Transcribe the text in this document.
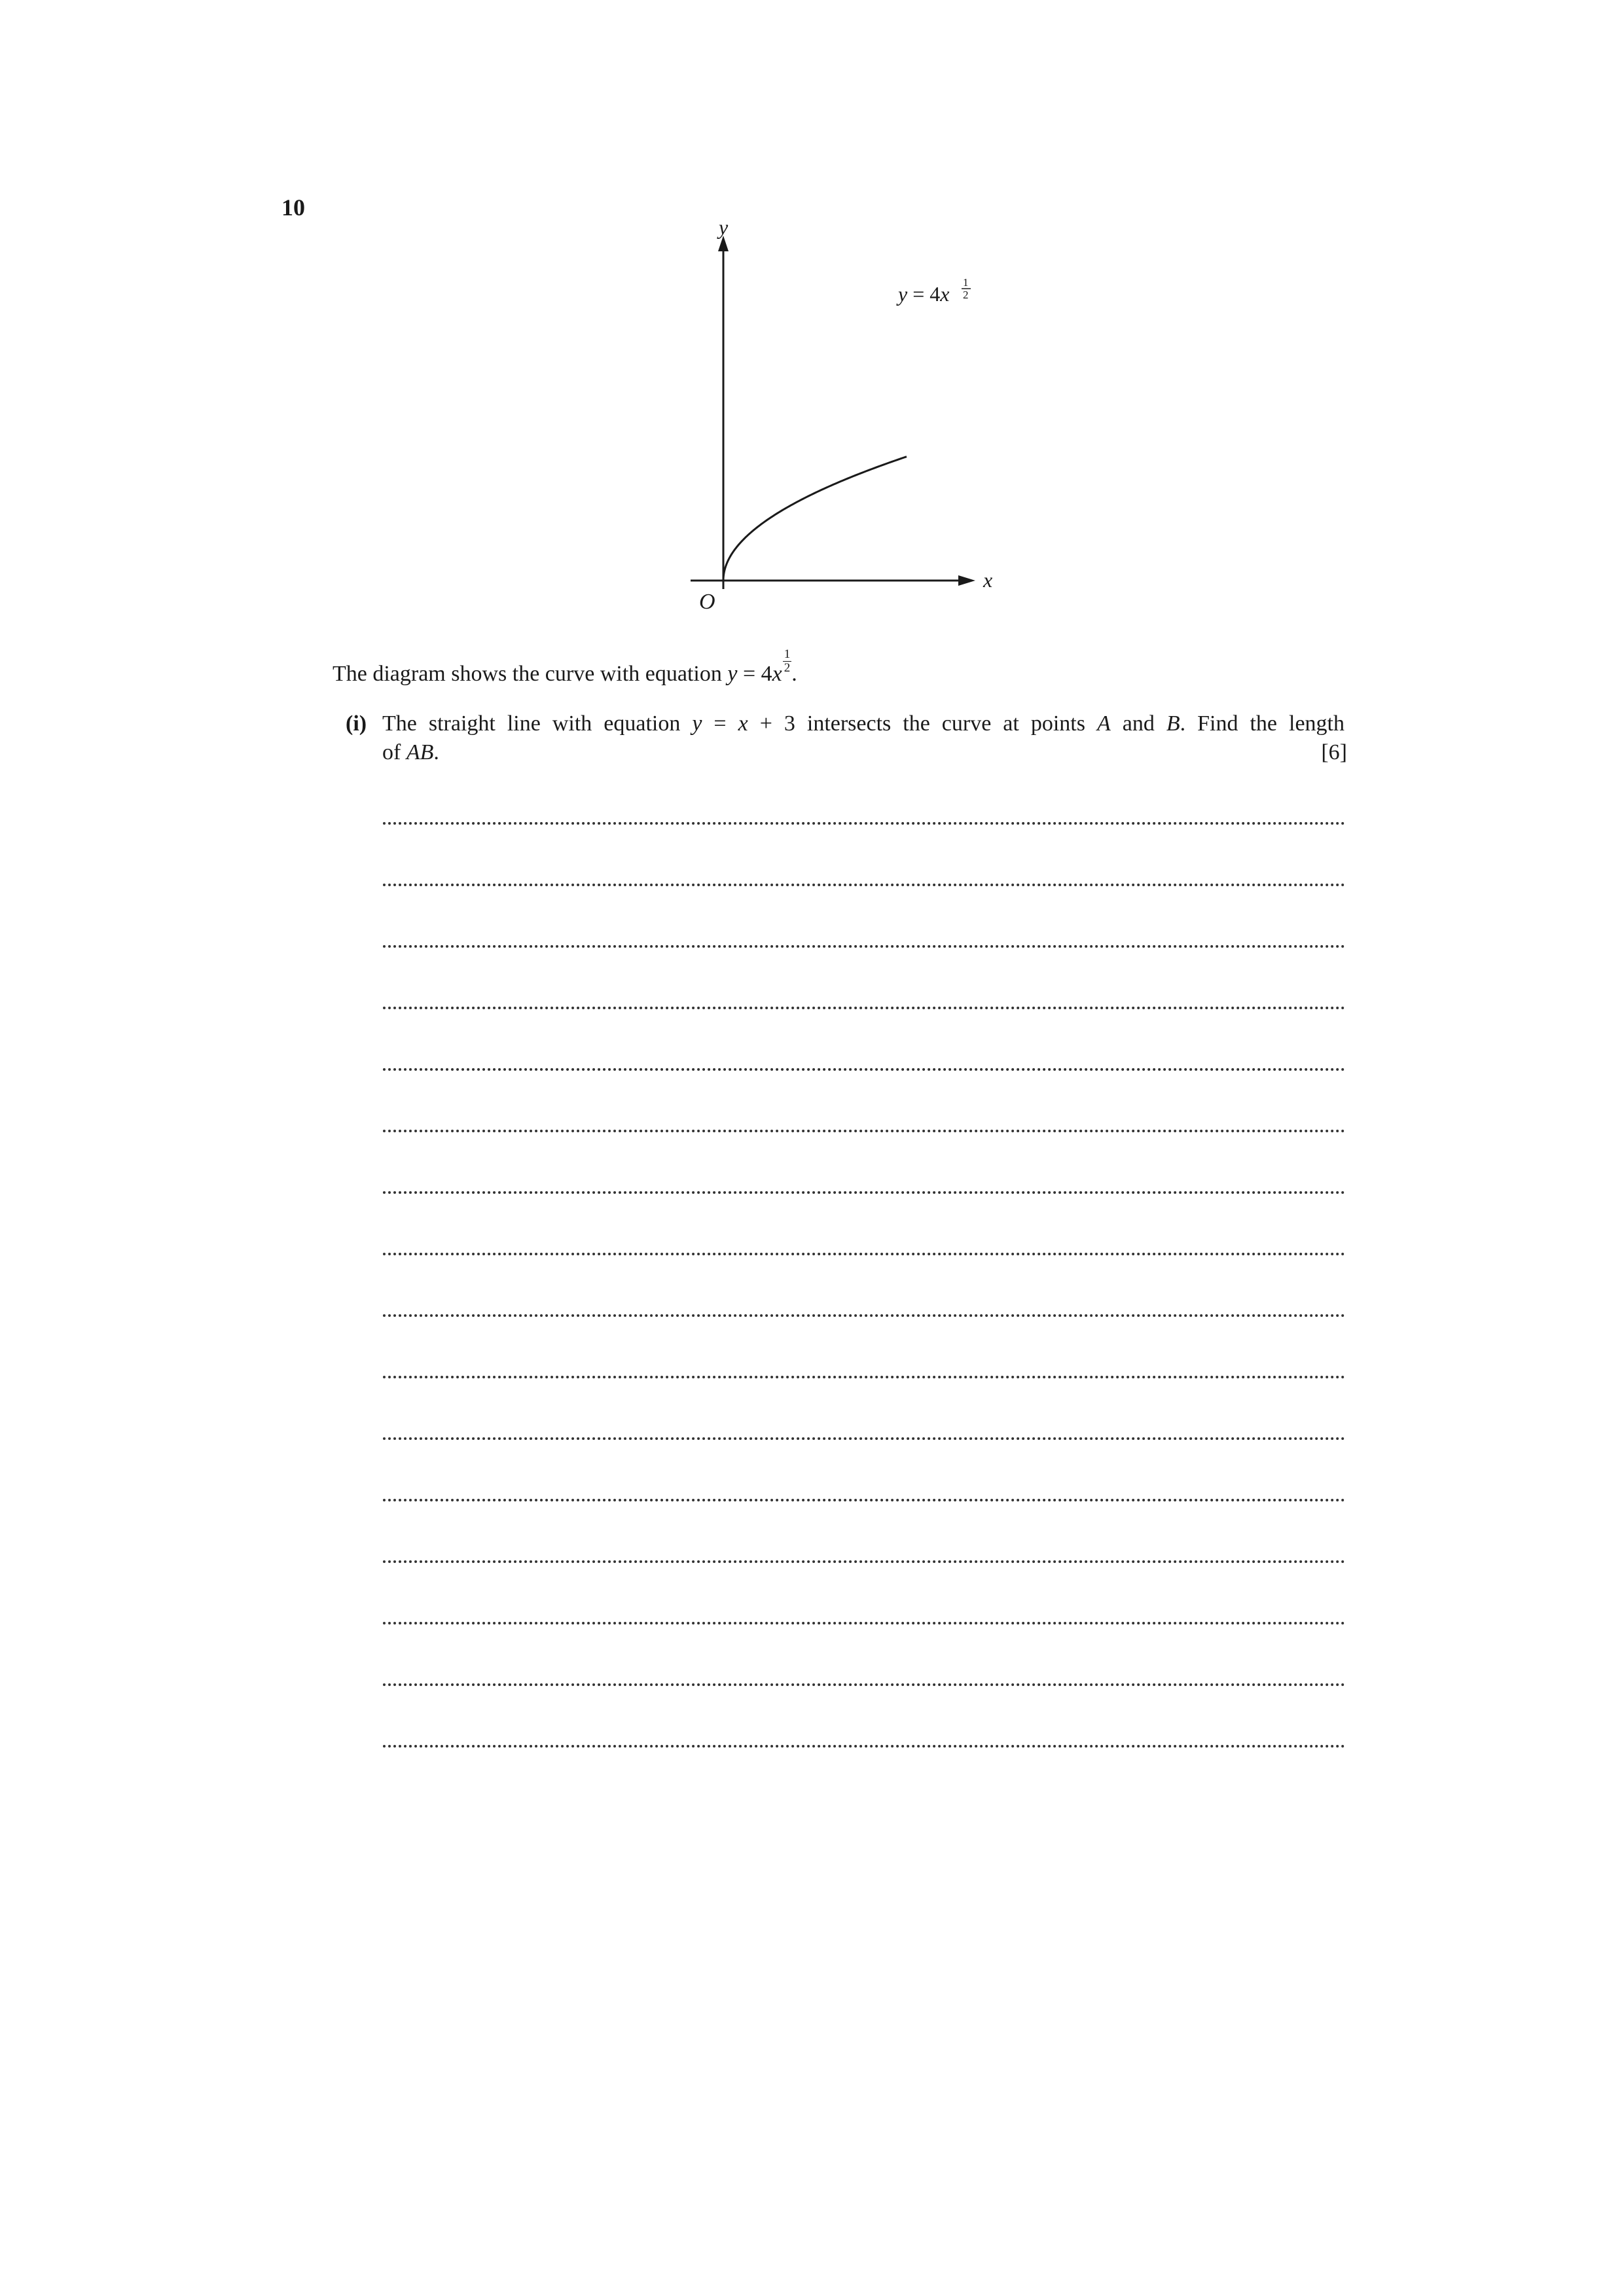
10
y
x
O
y = 4x 1
2
The diagram shows the curve with equation $y = 4x \frac{1}{2}$ .
(i) The straight line with equation y = x + 3 intersects the curve at points A and B. Find the length
of AB.	[6]
